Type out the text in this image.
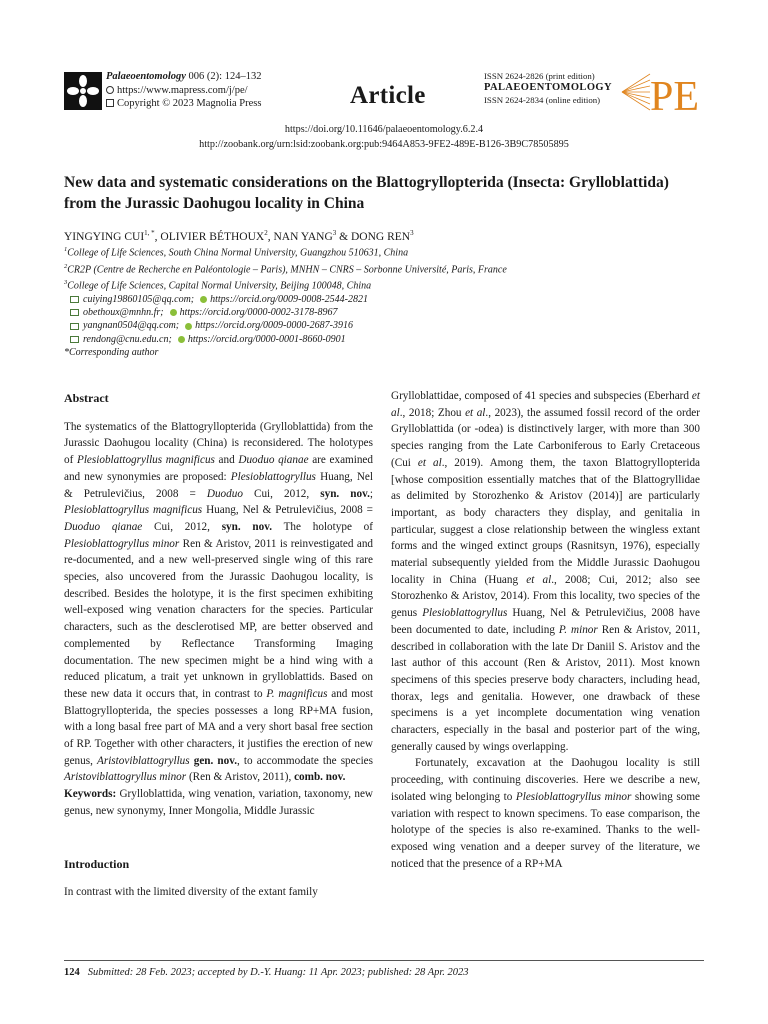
Palaeoentomology 006 (2): 124–132
https://www.mapress.com/j/pe/
Copyright © 2023 Magnolia Press	Article
ISSN 2624-2826 (print edition)
PALAEOENTOMOLOGY
ISSN 2624-2834 (online edition) PE
https://doi.org/10.11646/palaeoentomology.6.2.4
http://zoobank.org/urn:lsid:zoobank.org:pub:9464A853-9FE2-489E-B126-3B9C78505895
New data and systematic considerations on the Blattogryllopterida (Insecta: Grylloblattida) from the Jurassic Daohugou locality in China
YINGYING $CUI^{1, *}$, OLIVIER BÉTHOUX$^2$, NAN YANG$^3$ & DONG REN$^3$
$^1$College of Life Sciences, South China Normal University, Guangzhou 510631, China
$^2$CR2P (Centre de Recherche en Paléontologie – Paris), MNHN – CNRS – Sorbonne Université, Paris, France
$^3$College of Life Sciences, Capital Normal University, Beijing 100048, China
cuiying19860105@qq.com; https://orcid.org/0009-0008-2544-2821
obethoux@mnhn.fr; https://orcid.org/0000-0002-3178-8967
yangnan0504@qq.com; https://orcid.org/0009-0000-2687-3916
rendong@cnu.edu.cn; https://orcid.org/0000-0001-8660-0901
*Corresponding author
Abstract

The systematics of the Blattogryllopterida (Grylloblattida) from the Jurassic Daohugou locality (China) is reconsidered. The holotypes of Plesioblattogryllus magnificus and Duoduo qianae are examined and new synonymies are proposed: Plesioblattogryllus Huang, Nel & Petrulevičius, 2008 = Duoduo Cui, 2012, syn. nov.; Plesioblattogryllus magnificus Huang, Nel & Petrulevičius, 2008 = Duoduo qianae Cui, 2012, syn. nov. The holotype of Plesioblattogryllus minor Ren & Aristov, 2011 is reinvestigated and re-documented, and a new well-preserved single wing of this rare species, also uncovered from the Jurassic Daohugou locality, is described. Besides the holotype, it is the first specimen exhibiting well-exposed wing venation characters for the species. Particular characters, such as the desclerotised MP, are better observed and complemented by Reflectance Transforming Imaging documentation. The new specimen might be a hind wing with a reduced plicatum, a trait yet unknown in grylloblattids. Based on these new data it occurs that, in contrast to P. magnificus and most Blattogryllopterida, the species possesses a long RP+MA fusion, with a long basal free part of MA and a very short basal free section of RP. Together with other characters, it justifies the erection of new genus, Aristoviblattogryllus gen. nov., to accommodate the species Aristoviblattogryllus minor (Ren & Aristov, 2011), comb. nov.

Keywords: Grylloblattida, wing venation, variation, taxonomy, new genus, new synonymy, Inner Mongolia, Middle Jurassic

Introduction

In contrast with the limited diversity of the extant family

Grylloblattidae, composed of 41 species and subspecies (Eberhard et al., 2018; Zhou et al., 2023), the assumed fossil record of the order Grylloblattida (or -odea) is distinctively larger, with more than 300 species ranging from the Late Carboniferous to Early Cretaceous (Cui et al., 2019). Among them, the taxon Blattogryllopterida [whose composition essentially matches that of the Blattogryllidae as delimited by Storozhenko & Aristov (2014)] are particularly important, as body characters they display, and genitalia in particular, suggest a close relationship between the wingless extant forms and the winged extinct groups (Rasnitsyn, 1976), especially material subsequently yielded from the Middle Jurassic Daohugou locality in China (Huang et al., 2008; Cui, 2012; also see Storozhenko & Aristov, 2014). From this locality, two species of the genus Plesioblattogryllus Huang, Nel & Petrulevičius, 2008 have been documented to date, including P. minor Ren & Aristov, 2011, described in collaboration with the late Dr Daniil S. Aristov and the last author of this account (Ren & Aristov, 2011). Most known specimens of this species preserve body characters, including head, thorax, legs and genitalia. However, one drawback of these specimens is a yet incomplete documentation wing venation characters, especially in the basal and posterior part of the wing, generally caused by wings overlapping.

Fortunately, excavation at the Daohugou locality is still proceeding, with continuing discoveries. Here we describe a new, isolated wing belonging to Plesioblattogryllus minor showing some variation with respect to known specimens. To ease comparison, the holotype of the species is also re-examined. Thanks to the well-exposed wing venation and a deeper survey of the literature, we noticed that the presence of a RP+MA

124 Submitted: 28 Feb. 2023; accepted by D.-Y. Huang: 11 Apr. 2023; published: 28 Apr. 2023
